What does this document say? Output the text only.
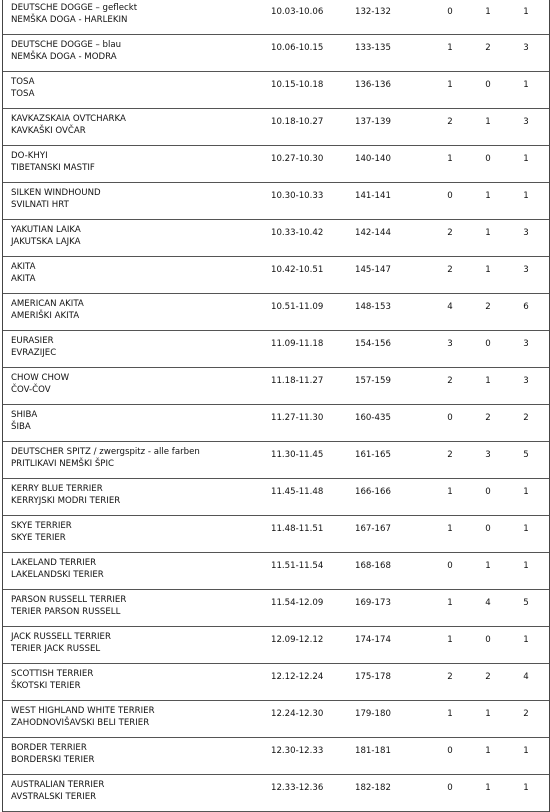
DEUTSCHE DOGGE – gefleckt
NEMŠKA DOGA - HARLEKIN
10.03-10.06	132-132	0	1	1
DEUTSCHE DOGGE – blau
NEMŠKA DOGA - MODRA
10.06-10.15	133-135	1	2	3
TOSA
TOSA
10.15-10.18	136-136	1	0	1
KAVKAZSKAIA OVTCHARKA
KAVKAŠKI OVČAR
10.18-10.27	137-139	2	1	3
DO-KHYI
TIBETANSKI MASTIF
10.27-10.30	140-140	1	0	1
SILKEN WINDHOUND
SVILNATI HRT
10.30-10.33	141-141	0	1	1
YAKUTIAN LAIKA
JAKUTSKA LAJKA
10.33-10.42	142-144	2	1	3
AKITA
AKITA
10.42-10.51	145-147	2	1	3
AMERICAN AKITA
AMERIŠKI AKITA
10.51-11.09	148-153	4	2	6
EURASIER
EVRAZIJEC
11.09-11.18	154-156	3	0	3
CHOW CHOW
ČOV-ČOV
11.18-11.27	157-159	2	1	3
SHIBA
ŠIBA
11.27-11.30	160-435	0	2	2
DEUTSCHER SPITZ / zwergspitz - alle farben
PRITLIKAVI NEMŠKI ŠPIC
11.30-11.45	161-165	2	3	5
KERRY BLUE TERRIER
KERRYJSKI MODRI TERIER
11.45-11.48	166-166	1	0	1
SKYE TERRIER
SKYE TERIER
11.48-11.51	167-167	1	0	1
LAKELAND TERRIER
LAKELANDSKI TERIER
11.51-11.54	168-168	0	1	1
PARSON RUSSELL TERRIER
TERIER PARSON RUSSELL
11.54-12.09	169-173	1	4	5
JACK RUSSELL TERRIER
TERIER JACK RUSSEL
12.09-12.12	174-174	1	0	1
SCOTTISH TERRIER
ŠKOTSKI TERIER
12.12-12.24	175-178	2	2	4
WEST HIGHLAND WHITE TERRIER
ZAHODNOVIŠAVSKI BELI TERIER
12.24-12.30	179-180	1	1	2
BORDER TERRIER
BORDERSKI TERIER
12.30-12.33	181-181	0	1	1
AUSTRALIAN TERRIER
AVSTRALSKI TERIER
12.33-12.36	182-182	0	1	1
